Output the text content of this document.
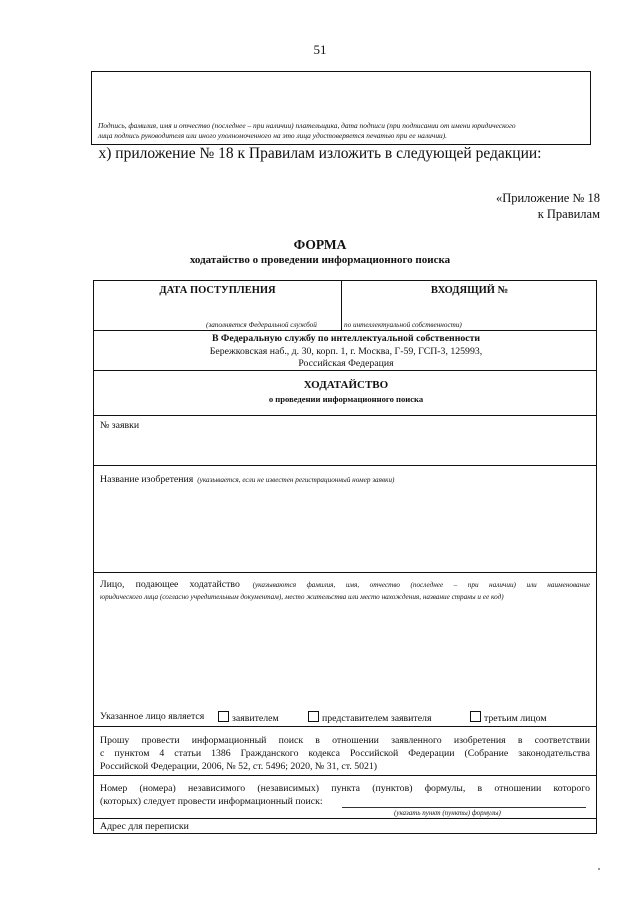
51
Подпись, фамилия, имя и отчество (последнее – при наличии) плательщика, дата подписи (при подписании от имени юридического
лица подпись руководителя или иного уполномоченного на это лица удостоверяется печатью при ее наличии).
х) приложение № 18 к Правилам изложить в следующей редакции:
«Приложение № 18
к Правилам
ФОРМА
ходатайство о проведении информационного поиска
ДАТА ПОСТУПЛЕНИЯ	ВХОДЯЩИЙ №
(заполняется Федеральной службой	по интеллектуальной собственности)
В Федеральную службу по интеллектуальной собственности
Бережковская наб., д. 30, корп. 1, г. Москва, Г-59, ГСП-3, 125993,
Российская Федерация
ХОДАТАЙСТВО
о проведении информационного поиска
№ заявки
Название изобретения (указывается, если не известен регистрационный номер заявки)
Лицо, подающее ходатайство (указываются фамилия, имя, отчество (последнее – при наличии) или наименование
юридического лица (согласно учредительным документам), место жительства или место нахождения, название страны и ее код)
Указанное лицо является	заявителем	представителем заявителя	третьим лицом
Прошу провести информационный поиск в отношении заявленного изобретения в соответствии
с пунктом 4 статьи 1386 Гражданского кодекса Российской Федерации (Собрание законодательства
Российской Федерации, 2006, № 52, ст. 5496; 2020, № 31, ст. 5021)
Номер (номера) независимого (независимых) пункта (пунктов) формулы, в отношении которого
(которых) следует провести информационный поиск:
(указать пункт (пункты) формулы)
Адрес для переписки
